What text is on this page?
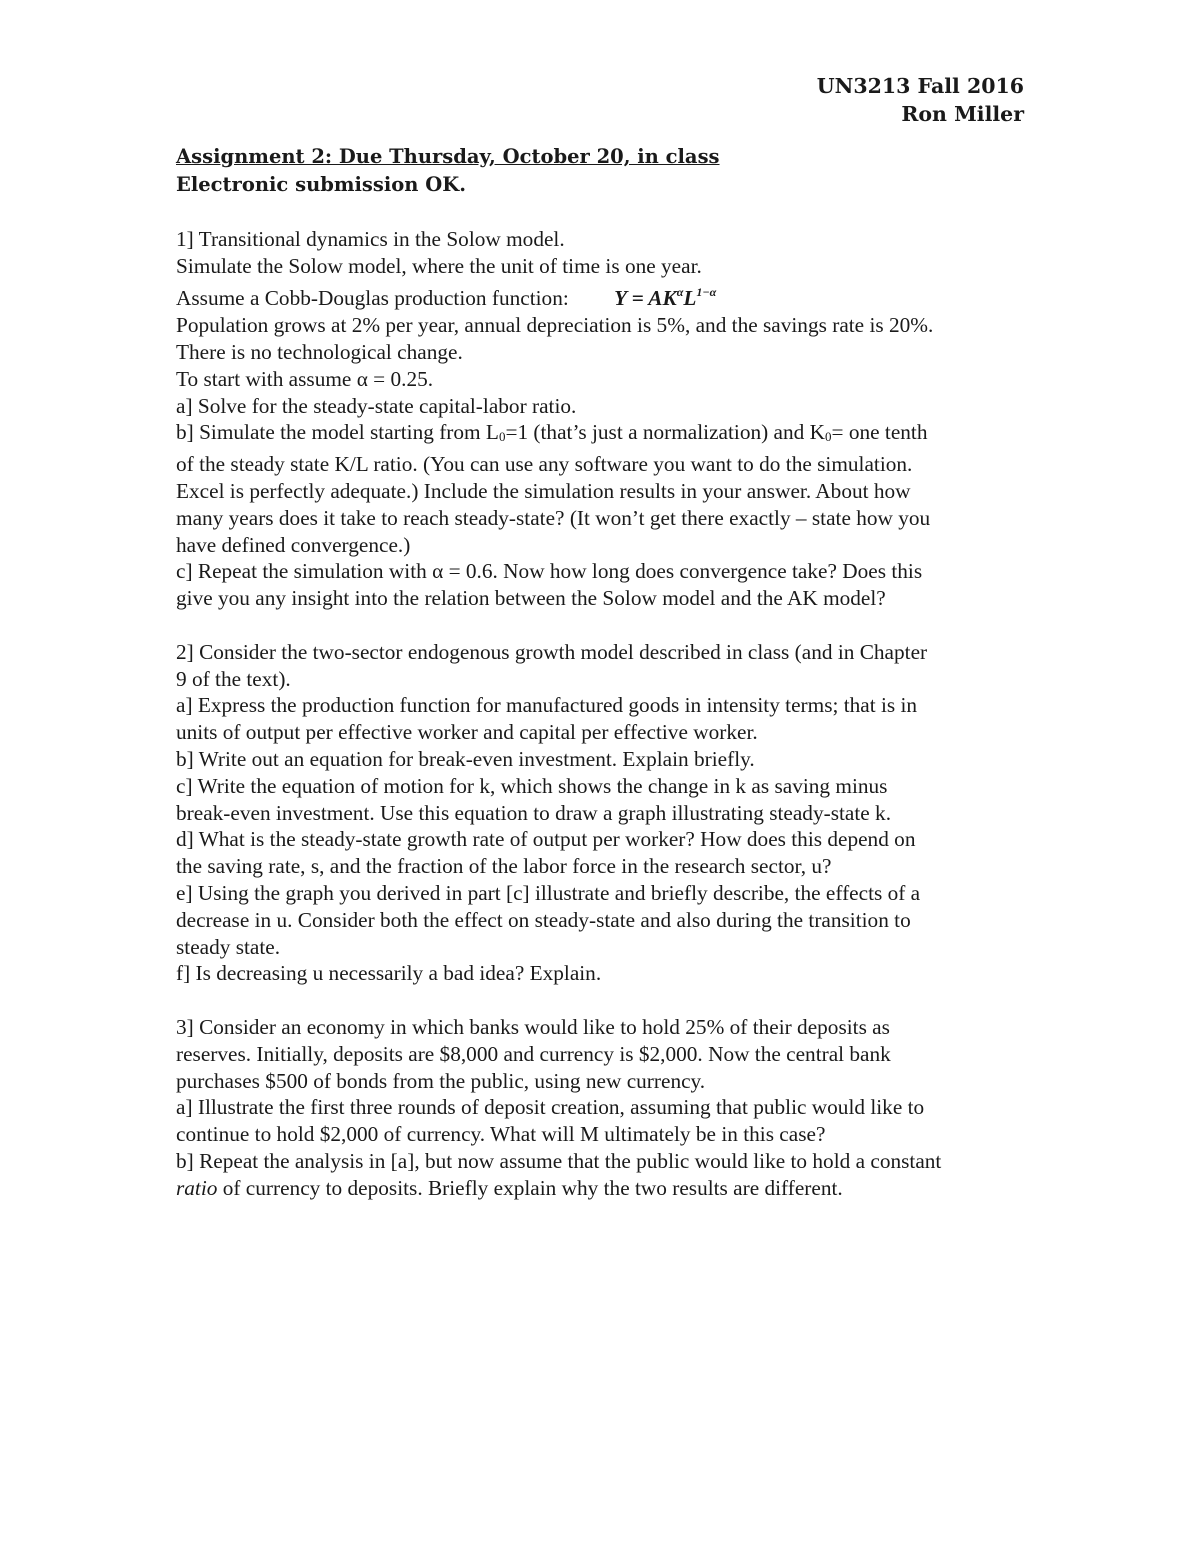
UN3213 Fall 2016
Ron Miller
Assignment 2: Due Thursday, October 20, in class
Electronic submission OK.
1] Transitional dynamics in the Solow model.
Simulate the Solow model, where the unit of time is one year.
Assume a Cobb-Douglas production function: $Y = AK^\alpha L^{1-\alpha}$
Population grows at 2% per year, annual depreciation is 5%, and the savings rate is 20%.
There is no technological change.
To start with assume α = 0.25.
a] Solve for the steady-state capital-labor ratio.
b] Simulate the model starting from L0=1 (that’s just a normalization) and K0= one tenth
of the steady state K/L ratio. (You can use any software you want to do the simulation.
Excel is perfectly adequate.) Include the simulation results in your answer. About how
many years does it take to reach steady-state? (It won’t get there exactly – state how you
have defined convergence.)
c] Repeat the simulation with α = 0.6. Now how long does convergence take? Does this
give you any insight into the relation between the Solow model and the AK model?
2] Consider the two-sector endogenous growth model described in class (and in Chapter
9 of the text).
a] Express the production function for manufactured goods in intensity terms; that is in
units of output per effective worker and capital per effective worker.
b] Write out an equation for break-even investment. Explain briefly.
c] Write the equation of motion for k, which shows the change in k as saving minus
break-even investment. Use this equation to draw a graph illustrating steady-state k.
d] What is the steady-state growth rate of output per worker? How does this depend on
the saving rate, s, and the fraction of the labor force in the research sector, u?
e] Using the graph you derived in part [c] illustrate and briefly describe, the effects of a
decrease in u. Consider both the effect on steady-state and also during the transition to
steady state.
f] Is decreasing u necessarily a bad idea? Explain.
3] Consider an economy in which banks would like to hold 25% of their deposits as
reserves. Initially, deposits are $8,000 and currency is $2,000. Now the central bank
purchases $500 of bonds from the public, using new currency.
a] Illustrate the first three rounds of deposit creation, assuming that public would like to
continue to hold $2,000 of currency. What will M ultimately be in this case?
b] Repeat the analysis in [a], but now assume that the public would like to hold a constant
ratio of currency to deposits. Briefly explain why the two results are different.
